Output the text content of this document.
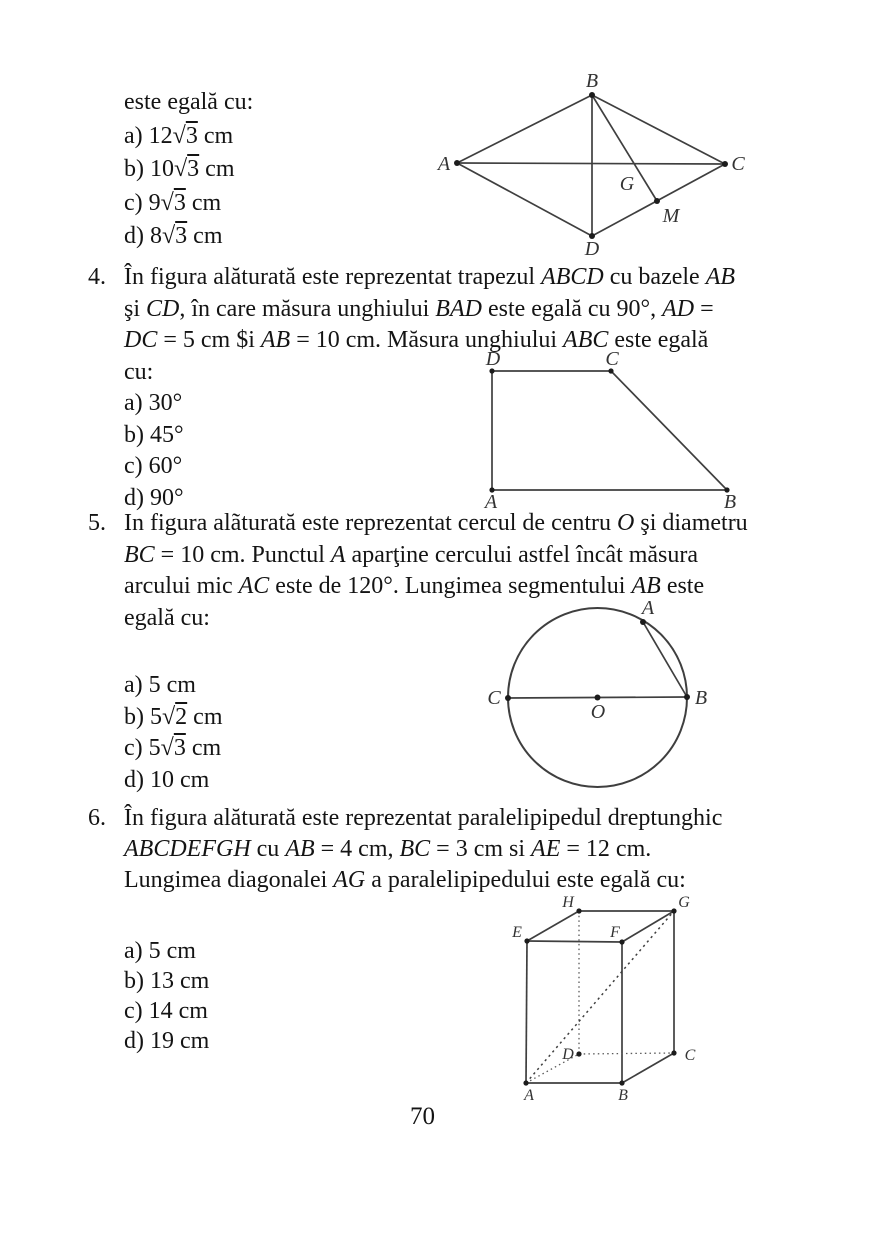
este egală cu:
a) 12√3 cm
b) 10√3 cm
c) 9√3 cm
d) 8√3 cm
A
B
C
D
G
M
4. În figura alăturată este reprezentat trapezul ABCD cu bazele AB
şi CD, în care măsura unghiului BAD este egală cu 90°, AD =
DC = 5 cm $i AB = 10 cm. Măsura unghiului ABC este egală
cu:
a) 30°
b) 45°
c) 60°
d) 90°
D	C
A	B
5. In figura alãturată este reprezentat cercul de centru O şi diametru
BC = 10 cm. Punctul A aparţine cercului astfel încât măsura
arcului mic AC este de 120°. Lungimea segmentului AB este
egală cu:
a) 5 cm
b) 5√2 cm
c) 5√3 cm
d) 10 cm
C	B
O
A
6. În figura alăturată este reprezentat paralelipipedul dreptunghic
ABCDEFGH cu AB = 4 cm, BC = 3 cm si AE = 12 cm.
Lungimea diagonalei AG a paralelipipedului este egală cu:
a) 5 cm
b) 13 cm
c) 14 cm
d) 19 cm
H	G
E	F
D	C
A	B
70
